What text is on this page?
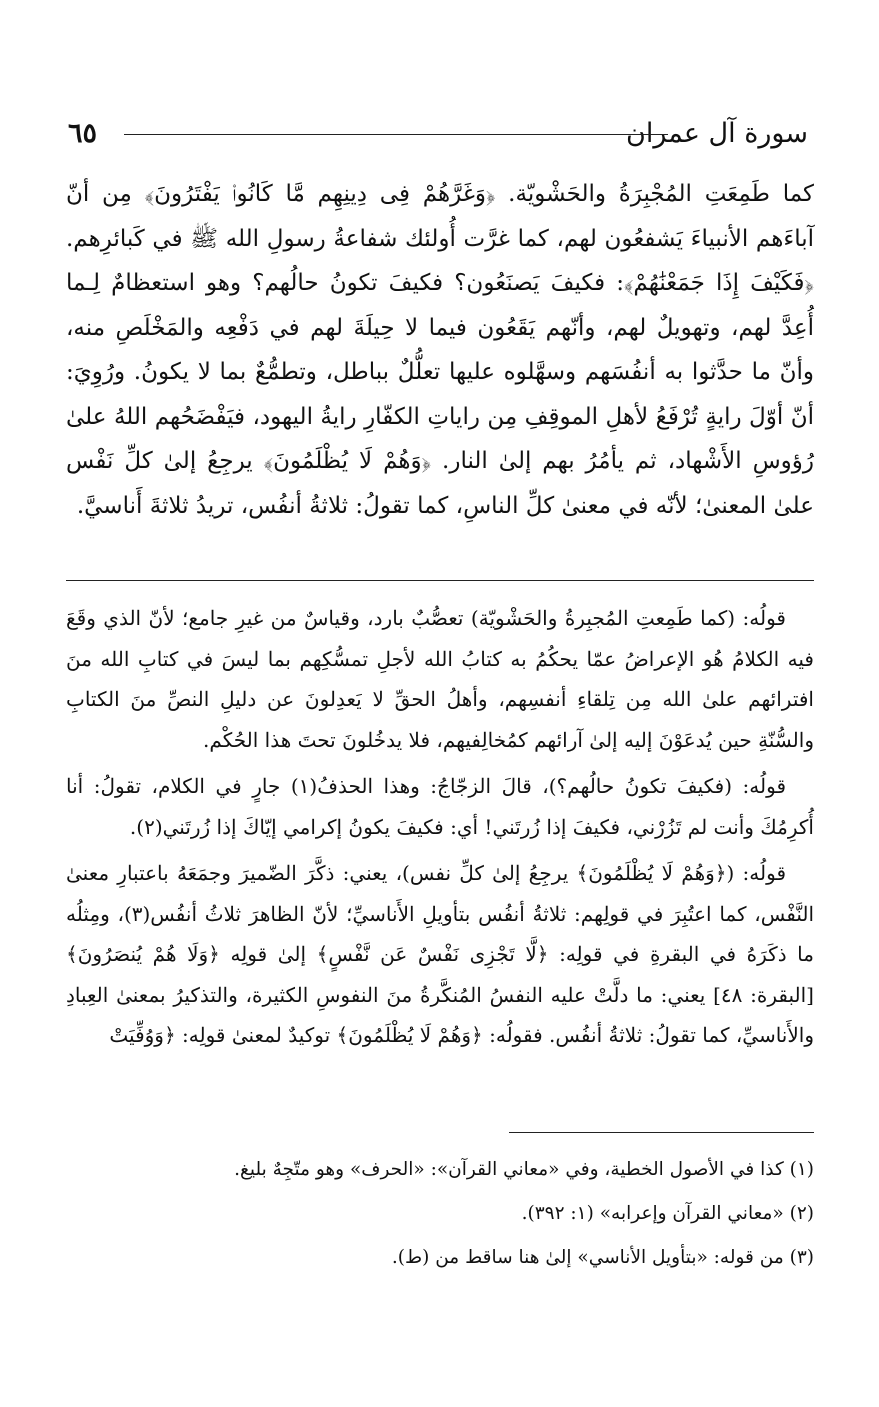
سورة آل عمران
٦٥
كما طَمِعَتِ المُجْبِرَةُ والحَشْويّة. ﴿وَغَرَّهُمْ فِى دِينِهِم مَّا كَانُوا۟ يَفْتَرُونَ﴾ مِن أنّ آباءَهم الأنبياءَ يَشفعُون لهم، كما غرَّت أُولئك شفاعةُ رسولِ الله ﷺ في كَبائرِهم. ﴿فَكَيْفَ إِذَا جَمَعْنَٰهُمْ﴾: فكيفَ يَصنَعُون؟ فكيفَ تكونُ حالُهم؟ وهو استعظامٌ لِـما أُعِدَّ لهم، وتهويلٌ لهم، وأنّهم يَقَعُون فيما لا حِيلَةَ لهم في دَفْعِه والمَخْلَصِ منه، وأنّ ما حدَّثوا به أنفُسَهم وسهَّلوه عليها تعلُّلٌ بباطل، وتطمُّعٌ بما لا يكونُ. ورُوِيَ: أنّ أوّلَ رايةٍ تُرْفَعُ لأهلِ الموقِفِ مِن راياتِ الكفّارِ رايةُ اليهود، فيَفْضَحُهم اللهُ علىٰ رُؤوسِ الأَشْهاد، ثم يأمُرُ بهم إلىٰ النار. ﴿وَهُمْ لَا يُظْلَمُونَ﴾ يرجِعُ إلىٰ كلِّ نَفْس علىٰ المعنىٰ؛ لأنّه في معنىٰ كلِّ الناسِ، كما تقولُ: ثلاثةُ أنفُس، تريدُ ثلاثةَ أَناسيَّ.

قولُه: (كما طَمِعتِ المُجبِرةُ والحَشْويّة) تعصُّبٌ بارد، وقياسٌ من غيرِ جامع؛ لأنّ الذي وقَعَ فيه الكلامُ هُو الإعراضُ عمّا يحكُمُ به كتابُ الله لأجلِ تمسُّكِهم بما ليسَ في كتابِ الله منَ افترائهم علىٰ الله مِن تِلقاءِ أنفسِهم، وأهلُ الحقِّ لا يَعدِلونَ عن دليلِ النصِّ منَ الكتابِ والسُّنّةِ حين يُدعَوْنَ إليه إلىٰ آرائهم كمُخالِفيهم، فلا يدخُلونَ تحتَ هذا الحُكْم.

قولُه: (فكيفَ تكونُ حالُهم؟)، قالَ الزجّاجُ: وهذا الحذفُ(١) جارٍ في الكلام، تقولُ: أنا أُكرِمُكَ وأنت لم تَزُرْني، فكيفَ إذا زُرتَني! أي: فكيفَ يكونُ إكرامي إيّاكَ إذا زُرتَني(٢).

قولُه: (﴿وَهُمْ لَا يُظْلَمُونَ﴾ يرجِعُ إلىٰ كلِّ نفس)، يعني: ذكَّرَ الضّميرَ وجمَعَهُ باعتبارِ معنىٰ النَّفْس، كما اعتُبِرَ في قولِهم: ثلاثةُ أنفُس بتأويلِ الأَناسيِّ؛ لأنّ الظاهرَ ثلاثُ أنفُس(٣)، ومِثلُه ما ذكَرَهُ في البقرةِ في قولِه: ﴿لَّا تَجْزِى نَفْسٌ عَن نَّفْسٍ﴾ إلىٰ قولِه ﴿وَلَا هُمْ يُنصَرُونَ﴾ [البقرة: ٤٨] يعني: ما دلَّتْ عليه النفسُ المُنكَّرةُ منَ النفوسِ الكثيرة، والتذكيرُ بمعنىٰ العِبادِ والأَناسيِّ، كما تقولُ: ثلاثةُ أنفُس. فقولُه: ﴿وَهُمْ لَا يُظْلَمُونَ﴾ توكيدٌ لمعنىٰ قولِه: ﴿وَوُفِّيَتْ

(١) كذا في الأصول الخطية، وفي «معاني القرآن»: «الحرف» وهو متّجِهٌ بليغ.
(٢) «معاني القرآن وإعرابه» (١: ٣٩٢).
(٣) من قوله: «بتأويل الأناسي» إلىٰ هنا ساقط من (ط).
